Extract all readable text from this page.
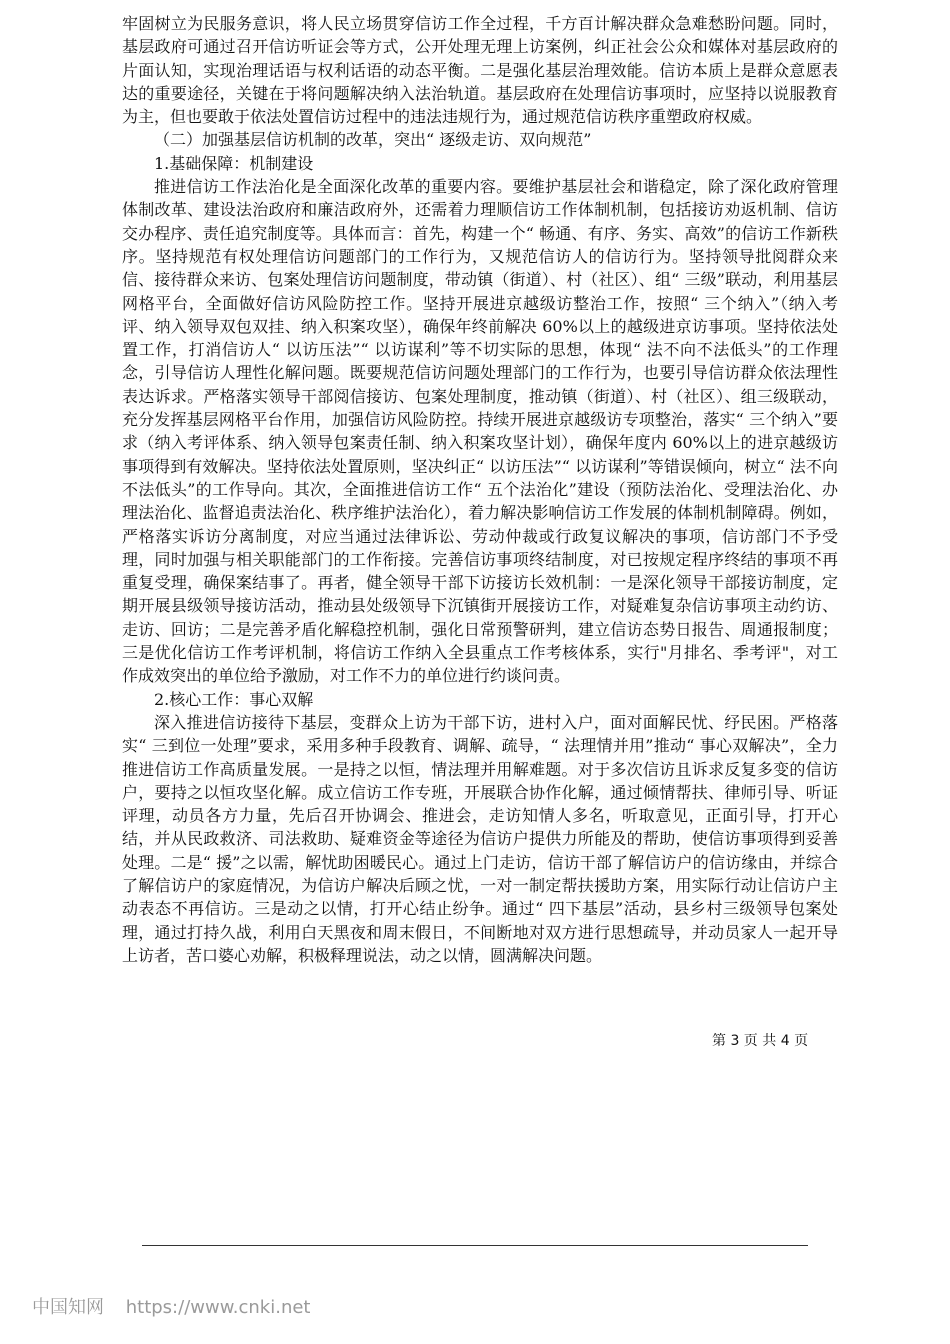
牢固树立为民服务意识，将人民立场贯穿信访工作全过程，千方百计解决群众急难愁盼问题。同时，基层政府可通过召开信访听证会等方式，公开处理无理上访案例，纠正社会公众和媒体对基层政府的片面认知，实现治理话语与权利话语的动态平衡。二是强化基层治理效能。信访本质上是群众意愿表达的重要途径，关键在于将问题解决纳入法治轨道。基层政府在处理信访事项时，应坚持以说服教育为主，但也要敢于依法处置信访过程中的违法违规行为，通过规范信访秩序重塑政府权威。

（二）加强基层信访机制的改革，突出“ 逐级走访、双向规范”

1.基础保障：机制建设

推进信访工作法治化是全面深化改革的重要内容。要维护基层社会和谐稳定，除了深化政府管理体制改革、建设法治政府和廉洁政府外，还需着力理顺信访工作体制机制，包括接访劝返机制、信访交办程序、责任追究制度等。具体而言：首先，构建一个“ 畅通、有序、务实、高效”的信访工作新秩序。坚持规范有权处理信访问题部门的工作行为，又规范信访人的信访行为。坚持领导批阅群众来信、接待群众来访、包案处理信访问题制度，带动镇（街道）、村（社区）、组“ 三级”联动，利用基层网格平台，全面做好信访风险防控工作。坚持开展进京越级访整治工作，按照“ 三个纳入”（纳入考评、纳入领导双包双挂、纳入积案攻坚），确保年终前解决 60%以上的越级进京访事项。坚持依法处置工作，打消信访人“ 以访压法”“ 以访谋利”等不切实际的思想，体现“ 法不向不法低头”的工作理念，引导信访人理性化解问题。既要规范信访问题处理部门的工作行为，也要引导信访群众依法理性表达诉求。严格落实领导干部阅信接访、包案处理制度，推动镇（街道）、村（社区）、组三级联动，充分发挥基层网格平台作用，加强信访风险防控。持续开展进京越级访专项整治，落实“ 三个纳入”要求（纳入考评体系、纳入领导包案责任制、纳入积案攻坚计划），确保年度内 60%以上的进京越级访事项得到有效解决。坚持依法处置原则，坚决纠正“ 以访压法”“ 以访谋利”等错误倾向，树立“ 法不向不法低头”的工作导向。其次，全面推进信访工作“ 五个法治化”建设（预防法治化、受理法治化、办理法治化、监督追责法治化、秩序维护法治化），着力解决影响信访工作发展的体制机制障碍。例如，严格落实诉访分离制度，对应当通过法律诉讼、劳动仲裁或行政复议解决的事项，信访部门不予受理，同时加强与相关职能部门的工作衔接。完善信访事项终结制度，对已按规定程序终结的事项不再重复受理，确保案结事了。再者，健全领导干部下访接访长效机制：一是深化领导干部接访制度，定期开展县级领导接访活动，推动县处级领导下沉镇街开展接访工作，对疑难复杂信访事项主动约访、走访、回访；二是完善矛盾化解稳控机制，强化日常预警研判，建立信访态势日报告、周通报制度；三是优化信访工作考评机制，将信访工作纳入全县重点工作考核体系，实行"月排名、季考评"，对工作成效突出的单位给予激励，对工作不力的单位进行约谈问责。

2.核心工作：事心双解

深入推进信访接待下基层，变群众上访为干部下访，进村入户，面对面解民忧、纾民困。严格落实“ 三到位一处理”要求，采用多种手段教育、调解、疏导，“ 法理情并用”推动“ 事心双解决”，全力推进信访工作高质量发展。一是持之以恒，情法理并用解难题。对于多次信访且诉求反复多变的信访户，要持之以恒攻坚化解。成立信访工作专班，开展联合协作化解，通过倾情帮扶、律师引导、听证评理，动员各方力量，先后召开协调会、推进会，走访知情人多名，听取意见，正面引导，打开心结，并从民政救济、司法救助、疑难资金等途径为信访户提供力所能及的帮助，使信访事项得到妥善处理。二是“ 援”之以需，解忧助困暖民心。通过上门走访，信访干部了解信访户的信访缘由，并综合了解信访户的家庭情况，为信访户解决后顾之忧，一对一制定帮扶援助方案，用实际行动让信访户主动表态不再信访。三是动之以情，打开心结止纷争。通过“ 四下基层”活动，县乡村三级领导包案处理，通过打持久战，利用白天黑夜和周末假日，不间断地对双方进行思想疏导，并动员家人一起开导上访者，苦口婆心劝解，积极释理说法，动之以情，圆满解决问题。

第 3 页 共 4 页
中国知网 https://www.cnki.net
